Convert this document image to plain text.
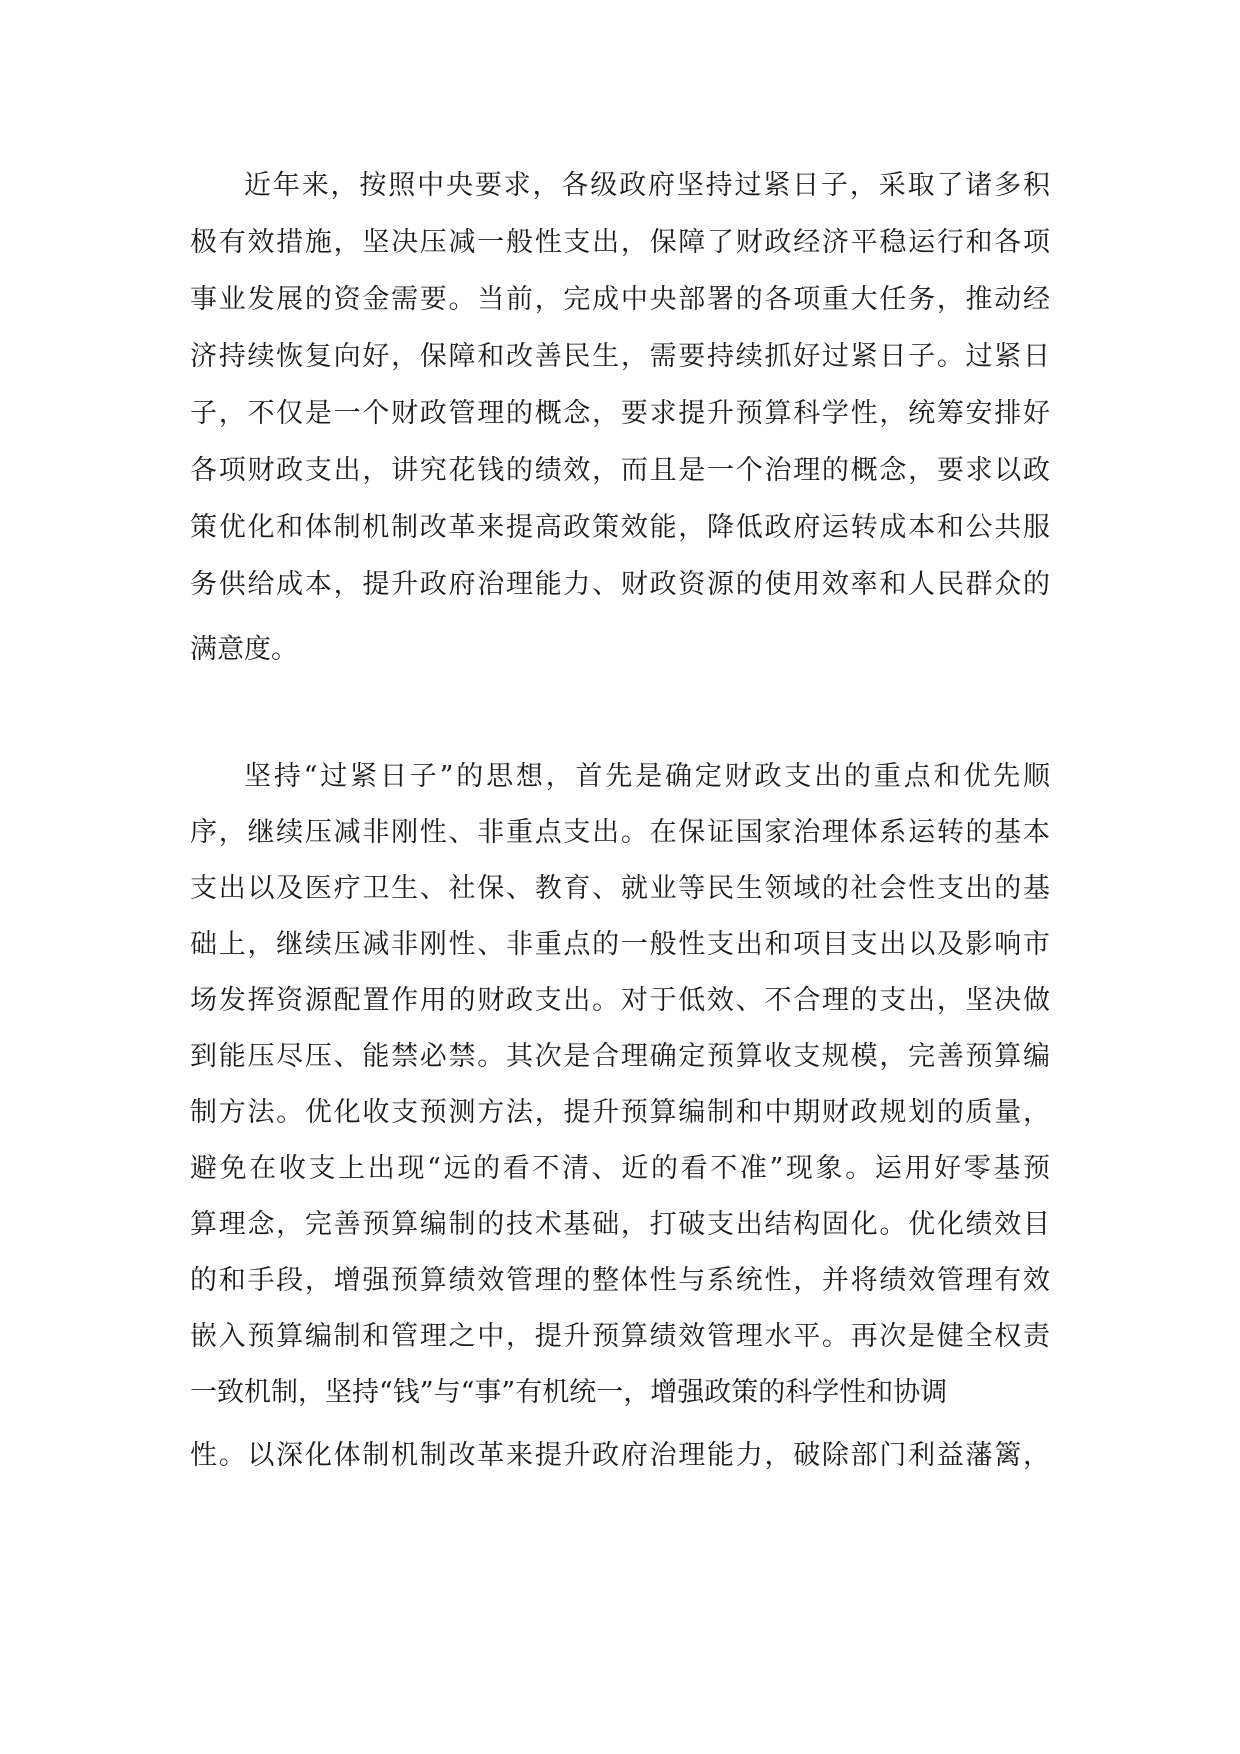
近年来，按照中央要求，各级政府坚持过紧日子，采取了诸多积
极有效措施，坚决压减一般性支出，保障了财政经济平稳运行和各项
事业发展的资金需要。当前，完成中央部署的各项重大任务，推动经
济持续恢复向好，保障和改善民生，需要持续抓好过紧日子。过紧日
子，不仅是一个财政管理的概念，要求提升预算科学性，统筹安排好
各项财政支出，讲究花钱的绩效，而且是一个治理的概念，要求以政
策优化和体制机制改革来提高政策效能，降低政府运转成本和公共服
务供给成本，提升政府治理能力、财政资源的使用效率和人民群众的
满意度。
坚持“过紧日子”的思想，首先是确定财政支出的重点和优先顺
序，继续压减非刚性、非重点支出。在保证国家治理体系运转的基本
支出以及医疗卫生、社保、教育、就业等民生领域的社会性支出的基
础上，继续压减非刚性、非重点的一般性支出和项目支出以及影响市
场发挥资源配置作用的财政支出。对于低效、不合理的支出，坚决做
到能压尽压、能禁必禁。其次是合理确定预算收支规模，完善预算编
制方法。优化收支预测方法，提升预算编制和中期财政规划的质量，
避免在收支上出现“远的看不清、近的看不准”现象。运用好零基预
算理念，完善预算编制的技术基础，打破支出结构固化。优化绩效目
的和手段，增强预算绩效管理的整体性与系统性，并将绩效管理有效
嵌入预算编制和管理之中，提升预算绩效管理水平。再次是健全权责
一致机制，坚持“钱”与“事”有机统一，增强政策的科学性和协调
性。以深化体制机制改革来提升政府治理能力，破除部门利益藩篱，
